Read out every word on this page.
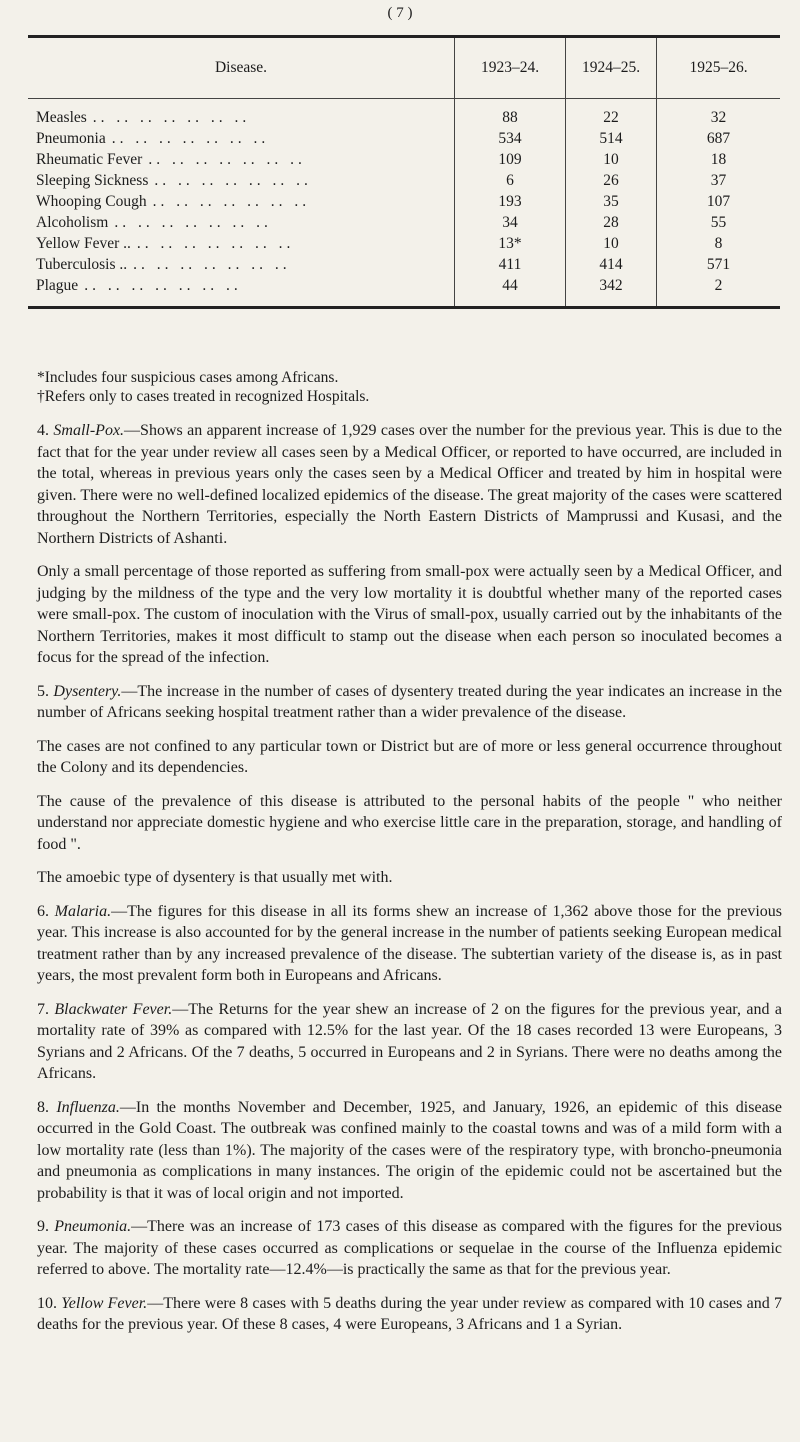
( 7 )
Disease.	1923–24.	1924–25.	1925–26.
Measles .. .. .. .. .. .. ..	88	22	32
Pneumonia .. .. .. .. .. .. ..	534	514	687
Rheumatic Fever .. .. .. .. .. .. ..	109	10	18
Sleeping Sickness .. .. .. .. .. .. ..	6	26	37
Whooping Cough .. .. .. .. .. .. ..	193	35	107
Alcoholism .. .. .. .. .. .. ..	34	28	55
Yellow Fever .. .. .. .. .. .. .. ..	13*	10	8
Tuberculosis .. .. .. .. .. .. .. ..	411	414	571
Plague .. .. .. .. .. .. ..	44	342	2
*Includes four suspicious cases among Africans.
†Refers only to cases treated in recognized Hospitals.

4. Small-Pox.—Shows an apparent increase of 1,929 cases over the number for the previous year. This is due to the fact that for the year under review all cases seen by a Medical Officer, or reported to have occurred, are included in the total, whereas in previous years only the cases seen by a Medical Officer and treated by him in hospital were given. There were no well-defined localized epidemics of the disease. The great majority of the cases were scattered throughout the Northern Territories, especially the North Eastern Districts of Mamprussi and Kusasi, and the Northern Districts of Ashanti.

Only a small percentage of those reported as suffering from small-pox were actually seen by a Medical Officer, and judging by the mildness of the type and the very low mortality it is doubtful whether many of the reported cases were small-pox. The custom of inoculation with the Virus of small-pox, usually carried out by the inhabitants of the Northern Territories, makes it most difficult to stamp out the disease when each person so inoculated becomes a focus for the spread of the infection.

5. Dysentery.—The increase in the number of cases of dysentery treated during the year indicates an increase in the number of Africans seeking hospital treatment rather than a wider prevalence of the disease.

The cases are not confined to any particular town or District but are of more or less general occurrence throughout the Colony and its dependencies.

The cause of the prevalence of this disease is attributed to the personal habits of the people " who neither understand nor appreciate domestic hygiene and who exercise little care in the preparation, storage, and handling of food ".

The amoebic type of dysentery is that usually met with.

6. Malaria.—The figures for this disease in all its forms shew an increase of 1,362 above those for the previous year. This increase is also accounted for by the general increase in the number of patients seeking European medical treatment rather than by any increased prevalence of the disease. The subtertian variety of the disease is, as in past years, the most prevalent form both in Europeans and Africans.

7. Blackwater Fever.—The Returns for the year shew an increase of 2 on the figures for the previous year, and a mortality rate of 39% as compared with 12.5% for the last year. Of the 18 cases recorded 13 were Europeans, 3 Syrians and 2 Africans. Of the 7 deaths, 5 occurred in Europeans and 2 in Syrians. There were no deaths among the Africans.

8. Influenza.—In the months November and December, 1925, and January, 1926, an epidemic of this disease occurred in the Gold Coast. The outbreak was confined mainly to the coastal towns and was of a mild form with a low mortality rate (less than 1%). The majority of the cases were of the respiratory type, with broncho-pneumonia and pneumonia as complications in many instances. The origin of the epidemic could not be ascertained but the probability is that it was of local origin and not imported.

9. Pneumonia.—There was an increase of 173 cases of this disease as compared with the figures for the previous year. The majority of these cases occurred as complications or sequelae in the course of the Influenza epidemic referred to above. The mortality rate—12.4%—is practically the same as that for the previous year.

10. Yellow Fever.—There were 8 cases with 5 deaths during the year under review as compared with 10 cases and 7 deaths for the previous year. Of these 8 cases, 4 were Europeans, 3 Africans and 1 a Syrian.
